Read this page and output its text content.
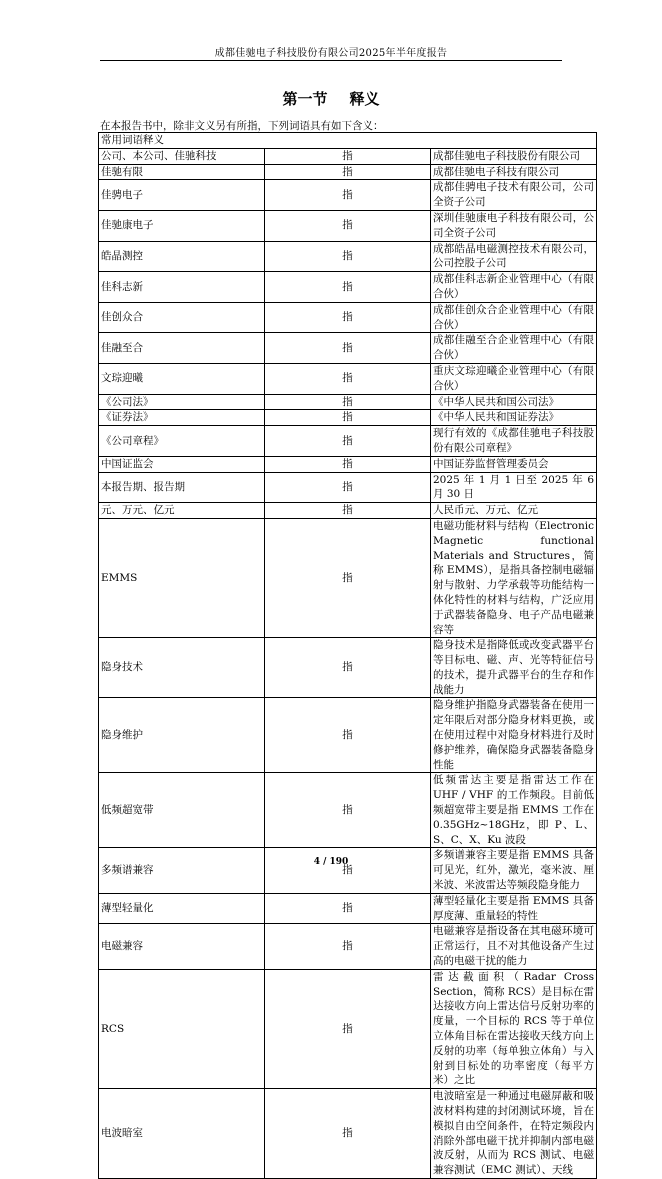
成都佳驰电子科技股份有限公司2025年半年度报告
第一节 释义
在本报告书中，除非文义另有所指，下列词语具有如下含义：
常用词语释义		
公司、本公司、佳驰科技	指	成都佳驰电子科技股份有限公司
佳驰有限	指	成都佳驰电子科技有限公司
佳骋电子	指	成都佳骋电子技术有限公司，公司全资子公司
佳驰康电子	指	深圳佳驰康电子科技有限公司，公司全资子公司
皓晶测控	指	成都皓晶电磁测控技术有限公司，公司控股子公司
佳科志新	指	成都佳科志新企业管理中心（有限合伙）
佳创众合	指	成都佳创众合企业管理中心（有限合伙）
佳融至合	指	成都佳融至合企业管理中心（有限合伙）
文琮迎曦	指	重庆文琮迎曦企业管理中心（有限合伙）
《公司法》	指	《中华人民共和国公司法》
《证券法》	指	《中华人民共和国证券法》
《公司章程》	指	现行有效的《成都佳驰电子科技股份有限公司章程》
中国证监会	指	中国证券监督管理委员会
本报告期、报告期	指	2025 年 1 月 1 日至 2025 年 6 月 30 日
元、万元、亿元	指	人民币元、万元、亿元
EMMS	指	电磁功能材料与结构（Electronic Magnetic functional Materials and Structures，简称 EMMS），是指具备控制电磁辐射与散射、力学承载等功能结构一体化特性的材料与结构，广泛应用于武器装备隐身、电子产品电磁兼容等
隐身技术	指	隐身技术是指降低或改变武器平台等目标电、磁、声、光等特征信号的技术，提升武器平台的生存和作战能力
隐身维护	指	隐身维护指隐身武器装备在使用一定年限后对部分隐身材料更换，或在使用过程中对隐身材料进行及时修护维养，确保隐身武器装备隐身性能
低频超宽带	指	低频雷达主要是指雷达工作在 UHF / VHF 的工作频段。目前低频超宽带主要是指 EMMS 工作在 0.35GHz~18GHz，即 P、L、S、C、X、Ku 波段
多频谱兼容	指	多频谱兼容主要是指 EMMS 具备可见光，红外，激光，毫米波、厘米波、米波雷达等频段隐身能力
薄型轻量化	指	薄型轻量化主要是指 EMMS 具备厚度薄、重量轻的特性
电磁兼容	指	电磁兼容是指设备在其电磁环境可正常运行，且不对其他设备产生过高的电磁干扰的能力
RCS	指	雷达截面积（Radar Cross Section，简称 RCS）是目标在雷达接收方向上雷达信号反射功率的度量，一个目标的 RCS 等于单位立体角目标在雷达接收天线方向上反射的功率（每单独立体角）与入射到目标处的功率密度（每平方米）之比
电波暗室	指	电波暗室是一种通过电磁屏蔽和吸波材料构建的封闭测试环境，旨在模拟自由空间条件，在特定频段内消除外部电磁干扰并抑制内部电磁波反射，从而为 RCS 测试、电磁兼容测试（EMC 测试）、天线
4 / 190
